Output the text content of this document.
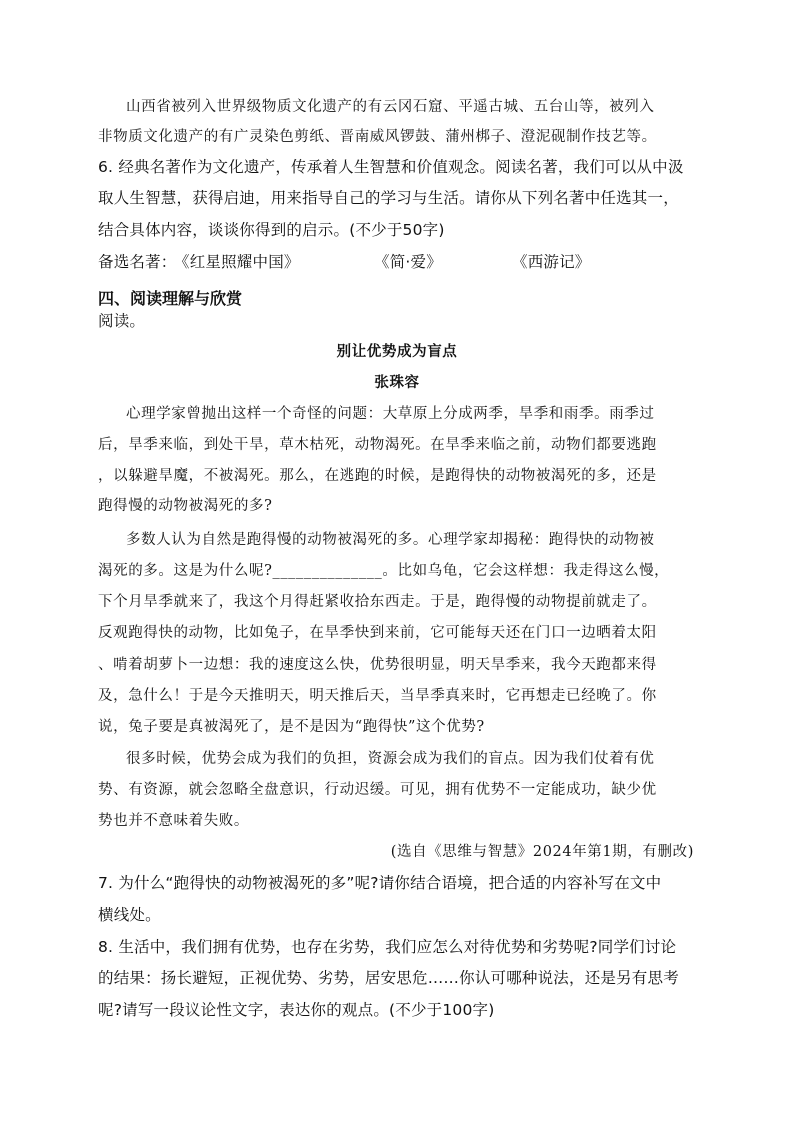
山西省被列入世界级物质文化遗产的有云冈石窟、平遥古城、五台山等，被列入

非物质文化遗产的有广灵染色剪纸、晋南威风锣鼓、蒲州梆子、澄泥砚制作技艺等。

6. 经典名著作为文化遗产，传承着人生智慧和价值观念。阅读名著，我们可以从中汲

取人生智慧，获得启迪，用来指导自己的学习与生活。请你从下列名著中任选其一，

结合具体内容，谈谈你得到的启示。(不少于50字)

备选名著：
《红星照耀中国》	《简·爱》	《西游记》

四、阅读理解与欣赏

阅读。

别让优势成为盲点

张珠容

心理学家曾抛出这样一个奇怪的问题：大草原上分成两季，旱季和雨季。雨季过

后，旱季来临，到处干旱，草木枯死，动物渴死。在旱季来临之前，动物们都要逃跑

，以躲避旱魔，不被渴死。那么，在逃跑的时候，是跑得快的动物被渴死的多，还是

跑得慢的动物被渴死的多?

多数人认为自然是跑得慢的动物被渴死的多。心理学家却揭秘：跑得快的动物被

渴死的多。这是为什么呢?______________。比如乌龟，它会这样想：我走得这么慢，

下个月旱季就来了，我这个月得赶紧收拾东西走。于是，跑得慢的动物提前就走了。

反观跑得快的动物，比如兔子，在旱季快到来前，它可能每天还在门口一边晒着太阳

、啃着胡萝卜一边想：我的速度这么快，优势很明显，明天旱季来，我今天跑都来得

及，急什么！于是今天推明天，明天推后天，当旱季真来时，它再想走已经晚了。你

说，兔子要是真被渴死了，是不是因为“跑得快”这个优势?

很多时候，优势会成为我们的负担，资源会成为我们的盲点。因为我们仗着有优

势、有资源，就会忽略全盘意识，行动迟缓。可见，拥有优势不一定能成功，缺少优

势也并不意味着失败。

(选自《思维与智慧》2024年第1期，有删改)

7. 为什么“跑得快的动物被渴死的多”呢?请你结合语境，把合适的内容补写在文中

横线处。

8. 生活中，我们拥有优势，也存在劣势，我们应怎么对待优势和劣势呢?同学们讨论

的结果：扬长避短，正视优势、劣势，居安思危……你认可哪种说法，还是另有思考

呢?请写一段议论性文字，表达你的观点。(不少于100字)
